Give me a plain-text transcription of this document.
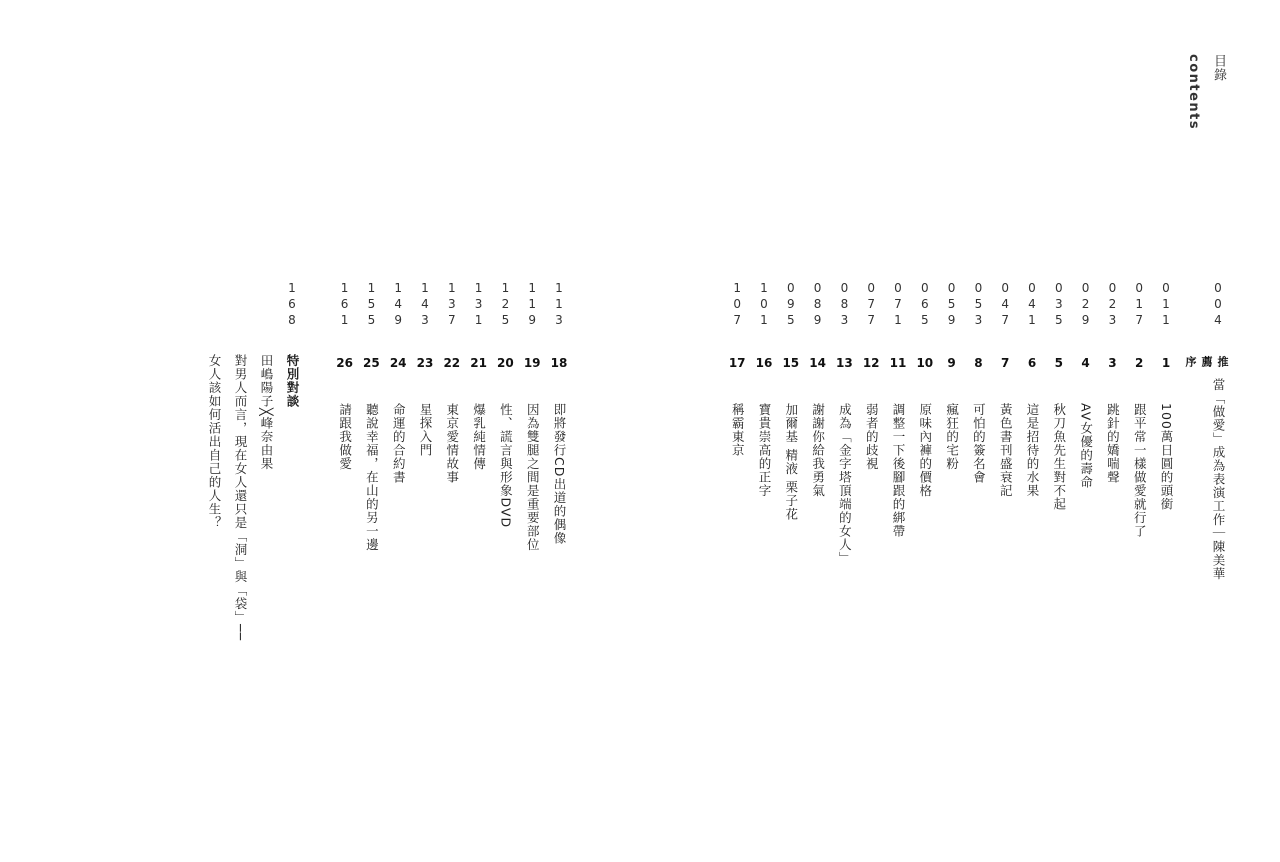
目錄
contents
004
推薦序
當「做愛」成為表演工作｜陳美華
011
1
100萬日圓的頭銜
017
2
跟平常一樣做愛就行了
023
3
跳針的嬌喘聲
029
4
AV女優的壽命
035
5
秋刀魚先生對不起
041
6
這是招待的水果
047
7
黃色書刊盛衰記
053
8
可怕的簽名會
059
9
瘋狂的宅粉
065
10
原味內褲的價格
071
11
調整一下後腳跟的綁帶
077
12
弱者的歧視
083
13
成為「金字塔頂端的女人」
089
14
謝謝你給我勇氣
095
15
加爾基 精液 栗子花
101
16
寶貴崇高的正字
107
17
稱霸東京
113
18
即將發行CD出道的偶像
119
19
因為雙腿之間是重要部位
125
20
性、謊言與形象DVD
131
21
爆乳純情傳
137
22
東京愛情故事
143
23
星探入門
149
24
命運的合約書
155
25
聽說幸福，在山的另一邊
161
26
請跟我做愛
168
特別對談
田嶋陽子╳峰奈由果
對男人而言，現在女人還只是「洞」與「袋」──
女人該如何活出自己的人生？
